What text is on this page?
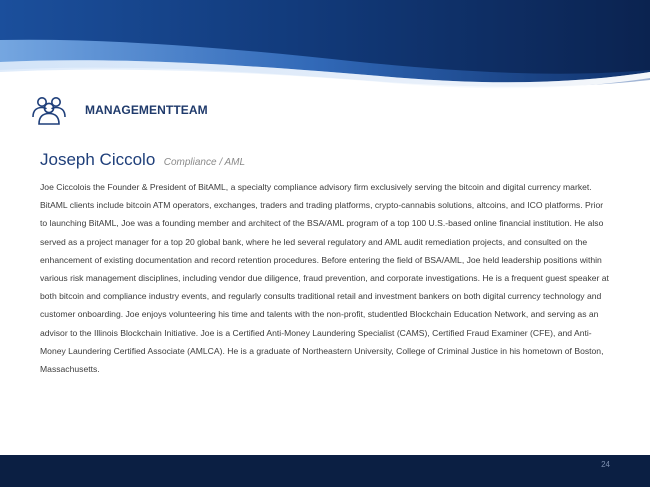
MANAGEMENTTEAM
Joseph Ciccolo Compliance / AML

Joe Ciccolois the Founder & President of BitAML, a specialty compliance advisory firm exclusively serving the bitcoin and digital currency market. BitAML clients include bitcoin ATM operators, exchanges, traders and trading platforms, crypto-cannabis solutions, altcoins, and ICO platforms. Prior to launching BitAML, Joe was a founding member and architect of the BSA/AML program of a top 100 U.S.-based online financial institution. He also served as a project manager for a top 20 global bank, where he led several regulatory and AML audit remediation projects, and consulted on the enhancement of existing documentation and record retention procedures. Before entering the field of BSA/AML, Joe held leadership positions within various risk management disciplines, including vendor due diligence, fraud prevention, and corporate investigations. He is a frequent guest speaker at both bitcoin and compliance industry events, and regularly consults traditional retail and investment bankers on both digital currency technology and customer onboarding. Joe enjoys volunteering his time and talents with the non-profit, studentled Blockchain Education Network, and serving as an advisor to the Illinois Blockchain Initiative. Joe is a Certified Anti-Money Laundering Specialist (CAMS), Certified Fraud Examiner (CFE), and Anti-Money Laundering Certified Associate (AMLCA). He is a graduate of Northeastern University, College of Criminal Justice in his hometown of Boston, Massachusetts.

24
